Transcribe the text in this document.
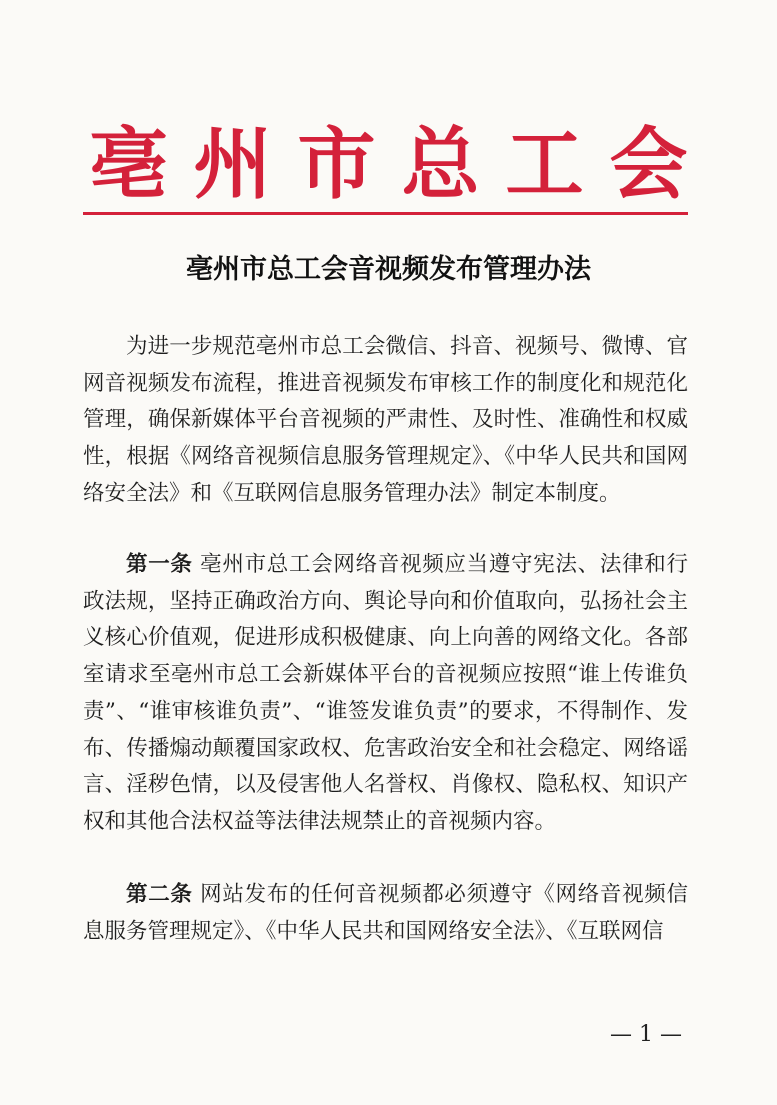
亳州市总工会
亳州市总工会音视频发布管理办法

为进一步规范亳州市总工会微信、抖音、视频号、微博、官网音视频发布流程，推进音视频发布审核工作的制度化和规范化管理，确保新媒体平台音视频的严肃性、及时性、准确性和权威性，根据《网络音视频信息服务管理规定》、《中华人民共和国网络安全法》和《互联网信息服务管理办法》制定本制度。

第一条 亳州市总工会网络音视频应当遵守宪法、法律和行政法规，坚持正确政治方向、舆论导向和价值取向，弘扬社会主义核心价值观，促进形成积极健康、向上向善的网络文化。各部室请求至亳州市总工会新媒体平台的音视频应按照“谁上传谁负责”、“谁审核谁负责”、“谁签发谁负责”的要求，不得制作、发布、传播煽动颠覆国家政权、危害政治安全和社会稳定、网络谣言、淫秽色情，以及侵害他人名誉权、肖像权、隐私权、知识产权和其他合法权益等法律法规禁止的音视频内容。

第二条 网站发布的任何音视频都必须遵守《网络音视频信息服务管理规定》、《中华人民共和国网络安全法》、《互联网信

— 1 —
